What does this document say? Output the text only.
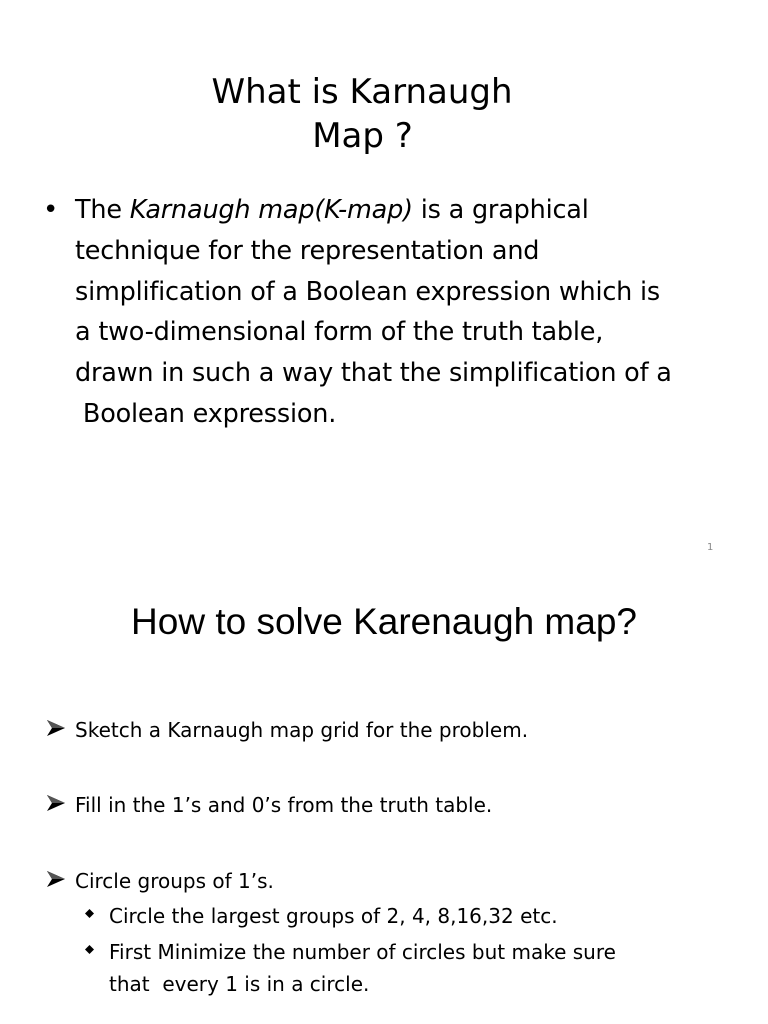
What is Karnaugh
Map ?
• The Karnaugh map(K-map) is a graphical
technique for the representation and
simplification of a Boolean expression which is
a two-dimensional form of the truth table,
drawn in such a way that the simplification of a
Boolean expression.
1
How to solve Karenaugh map?
Sketch a Karnaugh map grid for the problem.
Fill in the 1’s and 0’s from the truth table.
Circle groups of 1’s.
Circle the largest groups of 2, 4, 8,16,32 etc.
First Minimize the number of circles but make sure
that  every 1 is in a circle.
